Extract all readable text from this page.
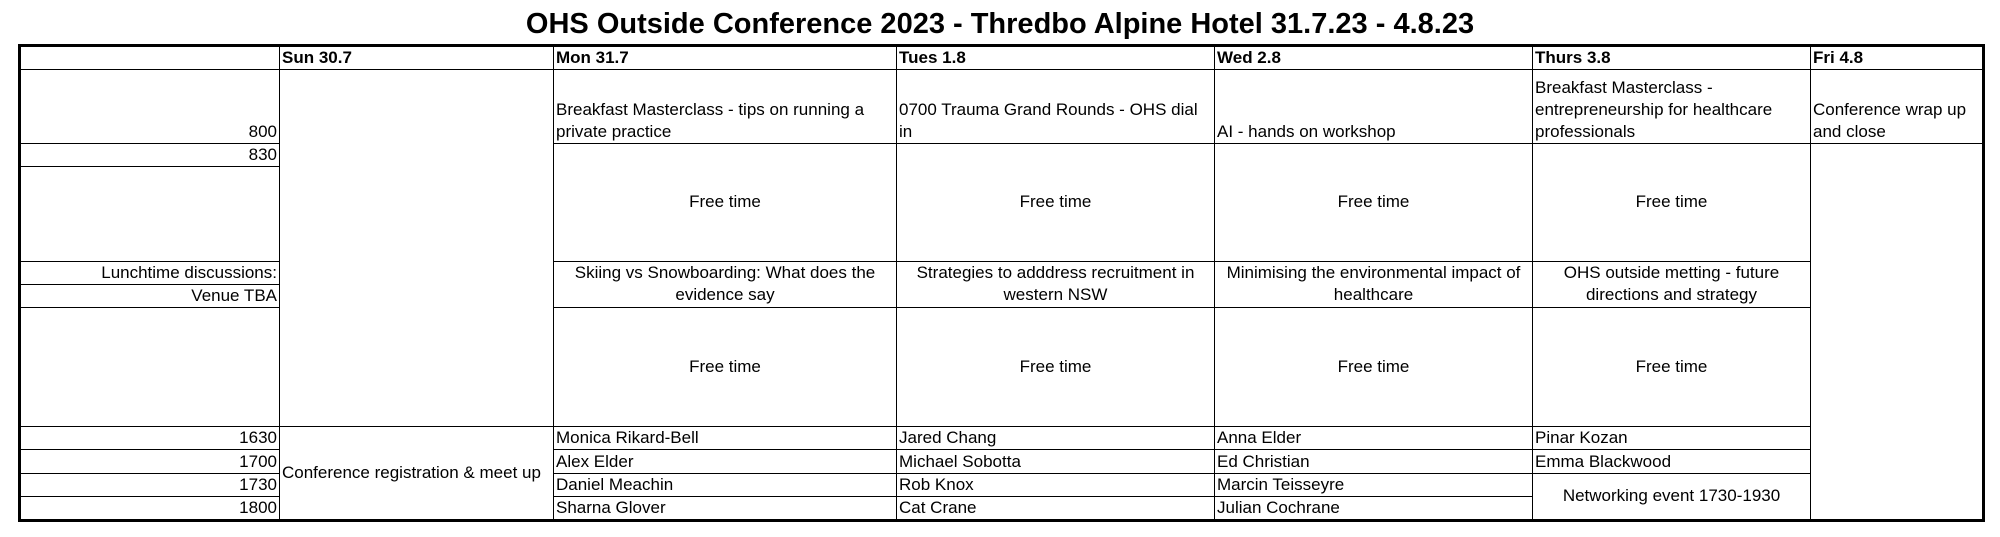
OHS Outside Conference 2023 - Thredbo Alpine Hotel 31.7.23 - 4.8.23
	Sun 30.7	Mon 31.7	Tues 1.8	Wed 2.8	Thurs 3.8	Fri 4.8
800		Breakfast Masterclass - tips on running a private practice	0700 Trauma Grand Rounds - OHS dial in	AI - hands on workshop	Breakfast Masterclass - entrepreneurship for healthcare professionals	Conference wrap up and close
830		Free time	Free time	Free time	Free time	

Lunchtime discussions:		Skiing vs Snowboarding: What does the evidence say	Strategies to adddress recruitment in western NSW	Minimising the environmental impact of healthcare	OHS outside metting - future directions and strategy	
Venue TBA						
		Free time	Free time	Free time	Free time	
1630	Conference registration & meet up	Monica Rikard-Bell	Jared Chang	Anna Elder	Pinar Kozan	
1700		Alex Elder	Michael Sobotta	Ed Christian	Emma Blackwood	
1730		Daniel Meachin	Rob Knox	Marcin Teisseyre	Networking event 1730-1930	
1800		Sharna Glover	Cat Crane	Julian Cochrane		
